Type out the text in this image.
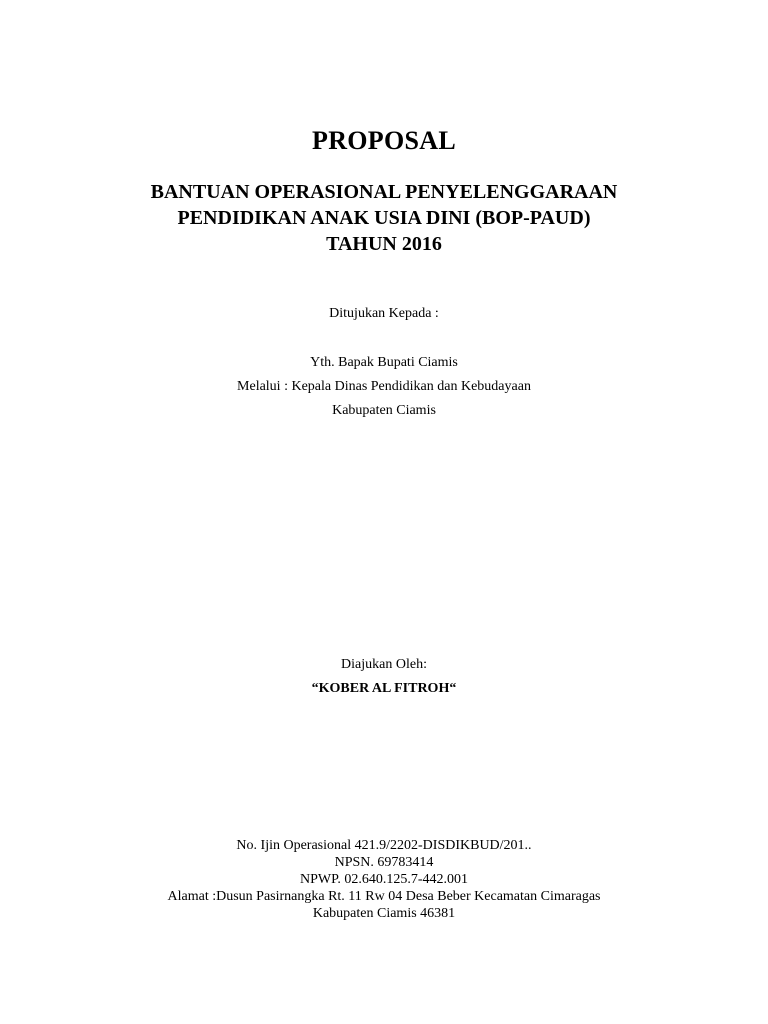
PROPOSAL
BANTUAN OPERASIONAL PENYELENGGARAAN
PENDIDIKAN ANAK USIA DINI (BOP-PAUD)
TAHUN 2016
Ditujukan Kepada :
Yth. Bapak Bupati Ciamis
Melalui : Kepala Dinas Pendidikan dan Kebudayaan
Kabupaten Ciamis
Diajukan Oleh:
“KOBER AL FITROH“
No. Ijin Operasional 421.9/2202-DISDIKBUD/201..
NPSN. 69783414
NPWP. 02.640.125.7-442.001
Alamat :Dusun Pasirnangka Rt. 11 Rw 04 Desa Beber Kecamatan Cimaragas
Kabupaten Ciamis 46381
